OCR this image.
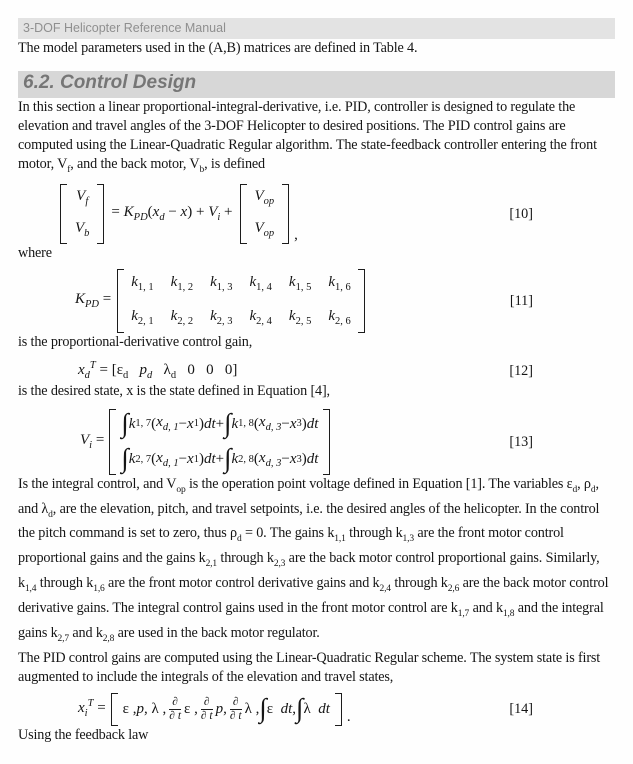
3-DOF Helicopter Reference Manual

The model parameters used in the (A,B) matrices are defined in Table 4.

6.2. Control Design

In this section a linear proportional-integral-derivative, i.e. PID, controller is designed to regulate the elevation and travel angles of the 3-DOF Helicopter to desired positions. The PID control gains are computed using the Linear-Quadratic Regular algorithm. The state-feedback controller entering the front motor, $V_f$, and the back motor, $V_b$, is defined

$V_f$
$V_b$
= $K_{PD}(x_d - x) + V_i$ +
$V_{op}$
$V_{op}$ ,
[10]

where

$K_{PD}$ =
$k_{1, 1}$ $k_{1, 2}$ $k_{1, 3}$ $k_{1, 4}$ $k_{1, 5}$ $k_{1, 6}$
$k_{2, 1}$ $k_{2, 2}$ $k_{2, 3}$ $k_{2, 4}$ $k_{2, 5}$ $k_{2, 6}$
[11]

is the proportional-derivative control gain,

$x_d^T = [\varepsilon_d$ $p_d$   $\lambda_d$   0   0   0]	[12]

is the desired state, x is the state defined in Equation [4],

$V_i$ =
∫ k 1, 7 ( $x_{d, 1} - x$ 1 ) dt + ∫ k 1, 8 ( $x_{d, 3} - x$ 3 ) dt
∫ k 2, 7 ( $x_{d, 1} - x$ 1 ) dt + ∫ k 2, 8 ( $x_{d, 3} - x$ 3 ) dt
[13]

Is the integral control, and $V_{op}$ is the operation point voltage defined in Equation [1]. The variables $\varepsilon_d$, $\rho_d$, and $\lambda_d$, are the elevation, pitch, and travel setpoints, i.e. the desired angles of the helicopter. In the control the pitch command is set to zero, thus $\rho_d = 0$. The gains $k_{1,1}$ through $k_{1,3}$ are the front motor control proportional gains and the gains $k_{2,1}$ through $k_{2,3}$ are the back motor control proportional gains. Similarly, $k_{1,4}$ through $k_{1,6}$ are the front motor control derivative gains and $k_{2,4}$ through $k_{2,6}$ are the back motor control derivative gains. The integral control gains used in the front motor control are $k_{1,7}$ and $k_{1,8}$ and the integral gains $k_{2,7}$ and $k_{2,8}$ are used in the back motor regulator.

The PID control gains are computed using the Linear-Quadratic Regular scheme. The system state is first augmented to include the integrals of the elevation and travel states,

$x_i^T = \varepsilon$ , p , λ , $\frac{\partial}{\partial t}$ ε , $\frac{\partial}{\partial t}$ p , $\frac{\partial}{\partial t}$ λ , ∫ ε dt , ∫ λ dt
.	[14]

Using the feedback law
